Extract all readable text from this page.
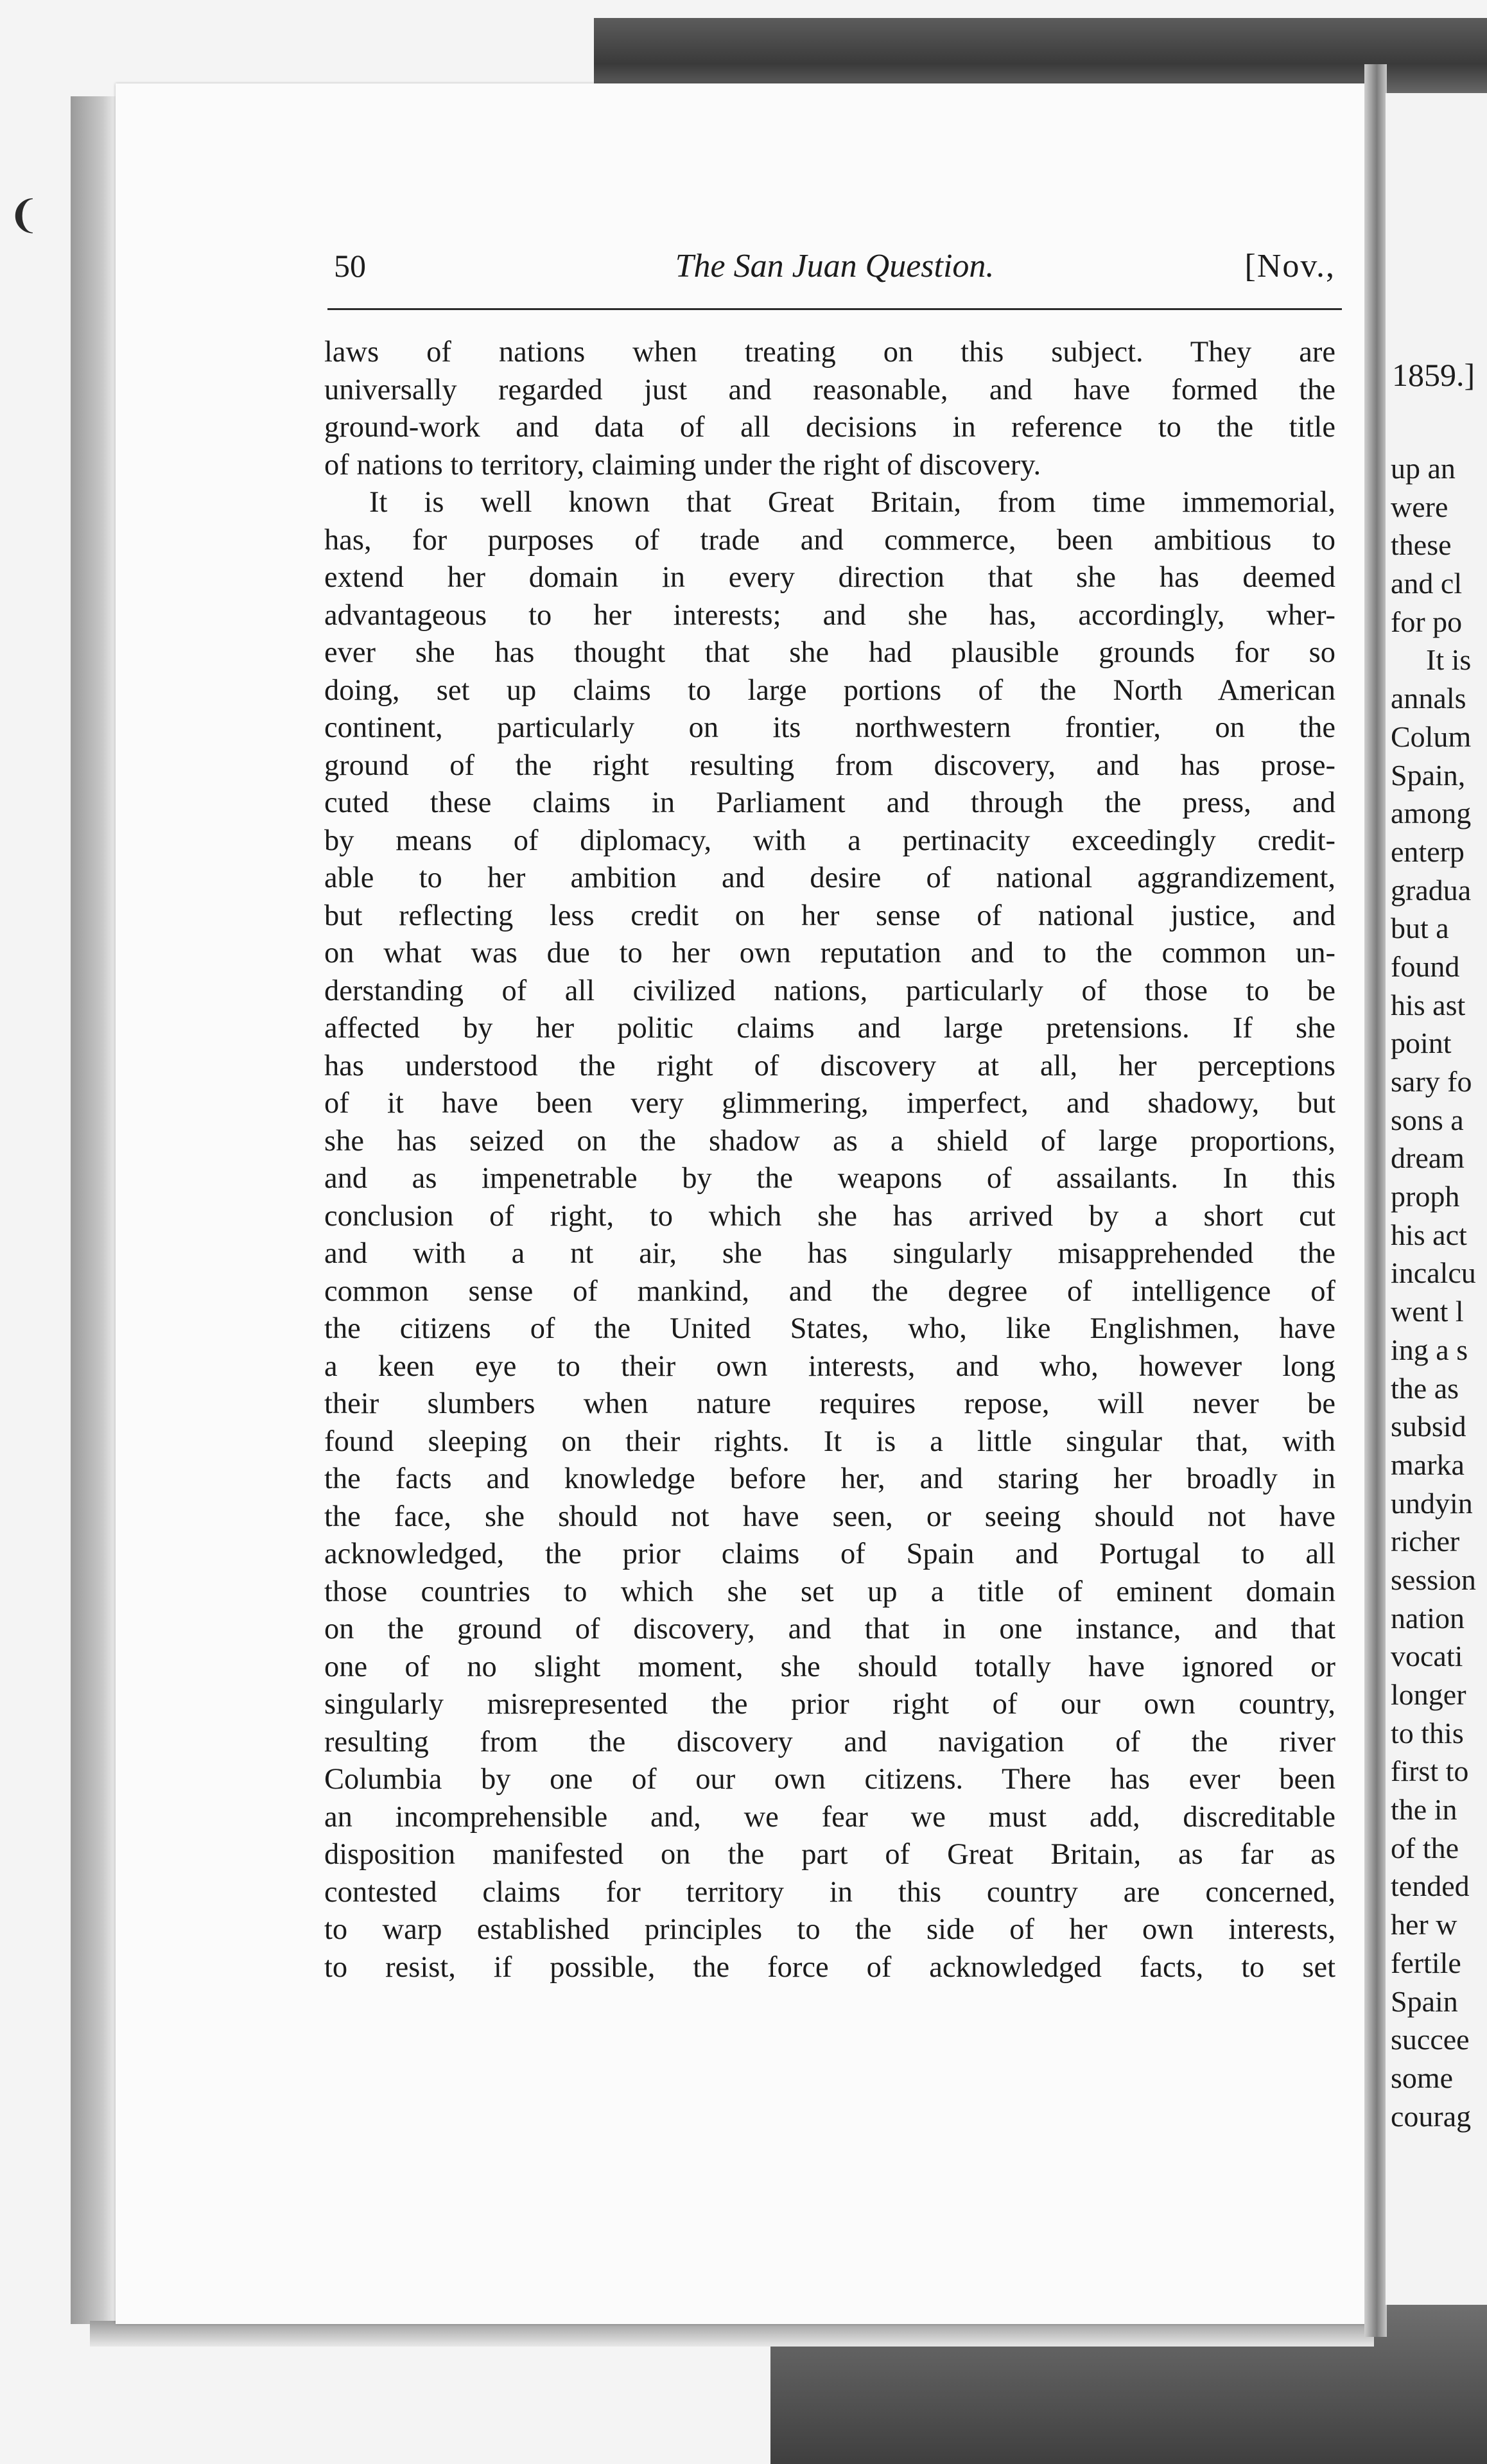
1859.]
up an
were
these
and cl
for po
It is
annals
Colum
Spain,
among
enterp
gradua
but a
found
his ast
point
sary fo
sons a
dream
proph
his act
incalcu
went l
ing a s
the as
subsid
marka
undyin
richer
session
nation
vocati
longer
to this
first to
the in
of the
tended
her w
fertile
Spain
succee
some
courag
❨
50	The San Juan Question.	[Nov.,
laws of nations when treating on this subject. They are
universally regarded just and reasonable, and have formed the
ground-work and data of all decisions in reference to the title
of nations to territory, claiming under the right of discovery.
It is well known that Great Britain, from time immemorial,
has, for purposes of trade and commerce, been ambitious to
extend her domain in every direction that she has deemed
advantageous to her interests; and she has, accordingly, wher-
ever she has thought that she had plausible grounds for so
doing, set up claims to large portions of the North American
continent, particularly on its northwestern frontier, on the
ground of the right resulting from discovery, and has prose-
cuted these claims in Parliament and through the press, and
by means of diplomacy, with a pertinacity exceedingly credit-
able to her ambition and desire of national aggrandizement,
but reflecting less credit on her sense of national justice, and
on what was due to her own reputation and to the common un-
derstanding of all civilized nations, particularly of those to be
affected by her politic claims and large pretensions. If she
has understood the right of discovery at all, her perceptions
of it have been very glimmering, imperfect, and shadowy, but
she has seized on the shadow as a shield of large proportions,
and as impenetrable by the weapons of assailants. In this
conclusion of right, to which she has arrived by a short cut
and with a nt air, she has singularly misapprehended the
common sense of mankind, and the degree of intelligence of
the citizens of the United States, who, like Englishmen, have
a keen eye to their own interests, and who, however long
their slumbers when nature requires repose, will never be
found sleeping on their rights. It is a little singular that, with
the facts and knowledge before her, and staring her broadly in
the face, she should not have seen, or seeing should not have
acknowledged, the prior claims of Spain and Portugal to all
those countries to which she set up a title of eminent domain
on the ground of discovery, and that in one instance, and that
one of no slight moment, she should totally have ignored or
singularly misrepresented the prior right of our own country,
resulting from the discovery and navigation of the river
Columbia by one of our own citizens. There has ever been
an incomprehensible and, we fear we must add, discreditable
disposition manifested on the part of Great Britain, as far as
contested claims for territory in this country are concerned,
to warp established principles to the side of her own interests,
to resist, if possible, the force of acknowledged facts, to set
